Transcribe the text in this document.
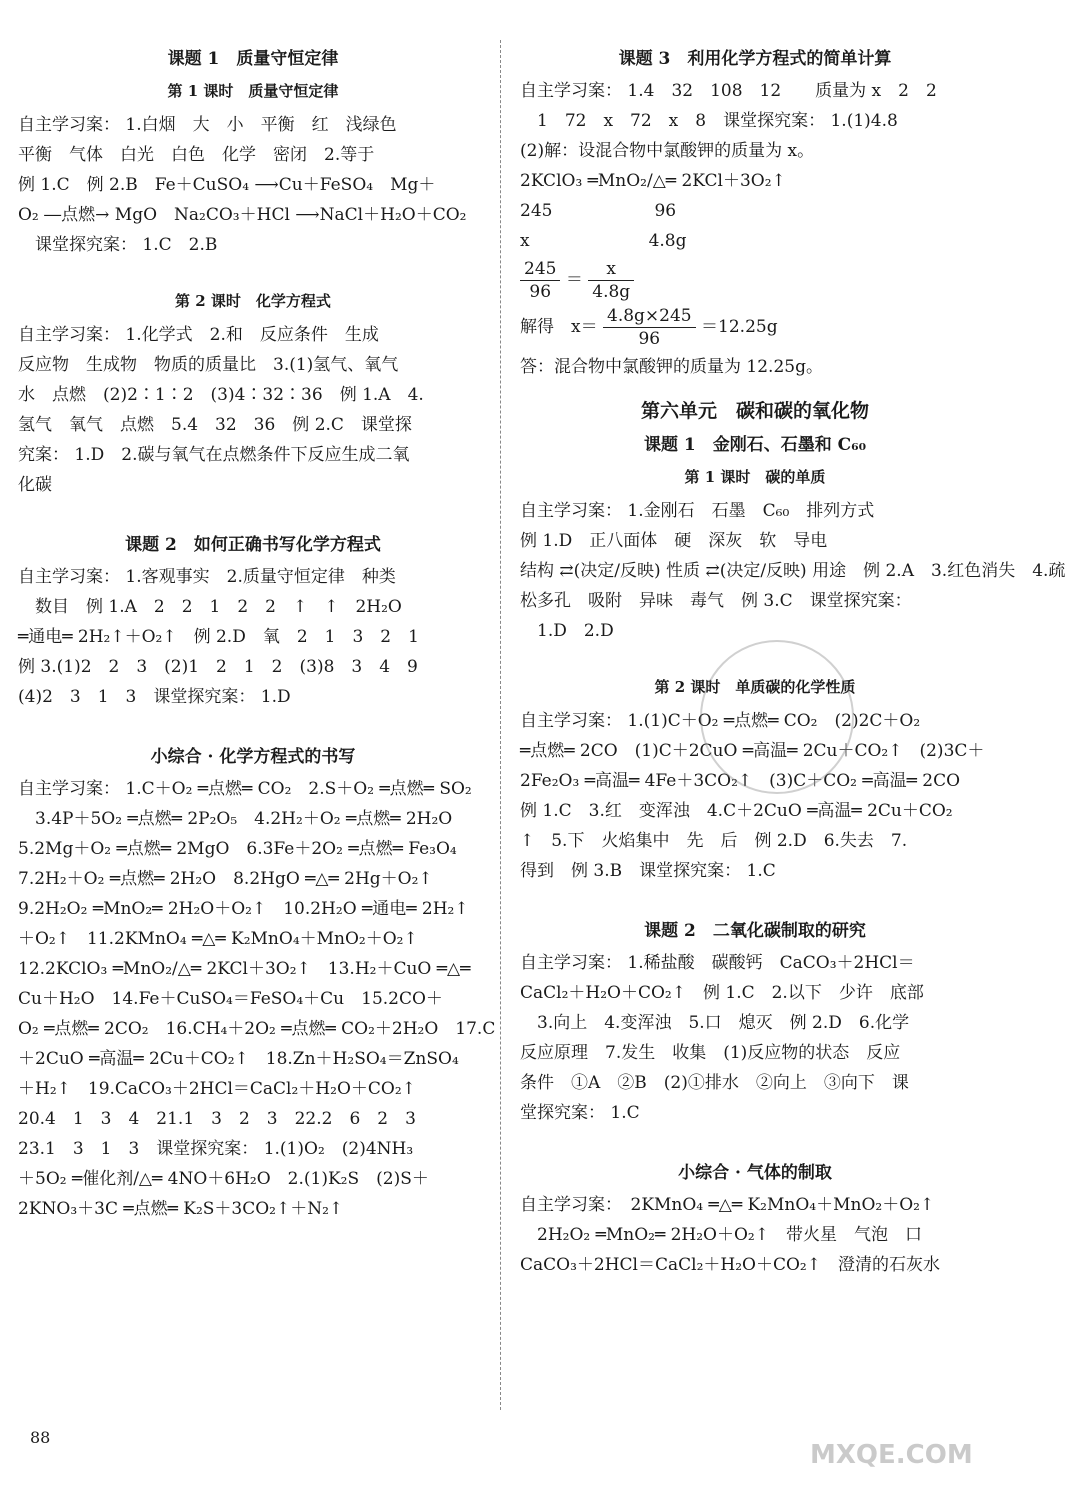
课题 1　质量守恒定律
第 1 课时　质量守恒定律
自主学习案： 1.白烟　大　小　平衡　红　浅绿色
平衡　气体　白光　白色　化学　密闭　2.等于
例 1.C　例 2.B　Fe＋CuSO₄ ⟶Cu＋FeSO₄　Mg＋
O₂ ―点燃→ MgO　Na₂CO₃＋HCl ⟶NaCl＋H₂O＋CO₂
　课堂探究案： 1.C　2.B
第 2 课时　化学方程式
自主学习案： 1.化学式　2.和　反应条件　生成
反应物　生成物　物质的质量比　3.(1)氢气、氧气
水　点燃　(2)2∶1∶2　(3)4∶32∶36　例 1.A　4.
氢气　氧气　点燃　5.4　32　36　例 2.C　课堂探
究案： 1.D　2.碳与氧气在点燃条件下反应生成二氧
化碳
课题 2　如何正确书写化学方程式
自主学习案： 1.客观事实　2.质量守恒定律　种类
　数目　例 1.A　2　2　1　2　2　↑　↑　2H₂O
═通电═ 2H₂↑＋O₂↑　例 2.D　氧　2　1　3　2　1
例 3.(1)2　2　3　(2)1　2　1　2　(3)8　3　4　9
(4)2　3　1　3　课堂探究案： 1.D
小综合 · 化学方程式的书写
自主学习案： 1.C＋O₂ ═点燃═ CO₂　2.S＋O₂ ═点燃═ SO₂
　3.4P＋5O₂ ═点燃═ 2P₂O₅　4.2H₂＋O₂ ═点燃═ 2H₂O
5.2Mg＋O₂ ═点燃═ 2MgO　6.3Fe＋2O₂ ═点燃═ Fe₃O₄
7.2H₂＋O₂ ═点燃═ 2H₂O　8.2HgO ═△═ 2Hg＋O₂↑
9.2H₂O₂ ═MnO₂═ 2H₂O＋O₂↑　10.2H₂O ═通电═ 2H₂↑
＋O₂↑　11.2KMnO₄ ═△═ K₂MnO₄＋MnO₂＋O₂↑
12.2KClO₃ ═MnO₂/△═ 2KCl＋3O₂↑　13.H₂＋CuO ═△═
Cu＋H₂O　14.Fe＋CuSO₄＝FeSO₄＋Cu　15.2CO＋
O₂ ═点燃═ 2CO₂　16.CH₄＋2O₂ ═点燃═ CO₂＋2H₂O　17.C
＋2CuO ═高温═ 2Cu＋CO₂↑　18.Zn＋H₂SO₄＝ZnSO₄
＋H₂↑　19.CaCO₃＋2HCl＝CaCl₂＋H₂O＋CO₂↑
20.4　1　3　4　21.1　3　2　3　22.2　6　2　3
23.1　3　1　3　课堂探究案： 1.(1)O₂　(2)4NH₃
＋5O₂ ═催化剂/△═ 4NO＋6H₂O　2.(1)K₂S　(2)S＋
2KNO₃＋3C ═点燃═ K₂S＋3CO₂↑＋N₂↑
课题 3　利用化学方程式的简单计算
自主学习案： 1.4　32　108　12　　质量为 x　2　2
　1　72　x　72　x　8　课堂探究案： 1.(1)4.8
(2)解：设混合物中氯酸钾的质量为 x。
2KClO₃ ═MnO₂/△═ 2KCl＋3O₂↑
245　　　　　　96
x　　　　　　　4.8g
$\frac{245}{96} = \frac{x}{4.8g}$
解得　$x= \frac{4.8g\times 245}{96} =12.25g$
答：混合物中氯酸钾的质量为 12.25g。
第六单元　碳和碳的氧化物
课题 1　金刚石、石墨和 C₆₀
第 1 课时　碳的单质
自主学习案： 1.金刚石　石墨　C₆₀　排列方式
例 1.D　正八面体　硬　深灰　软　导电
结构 ⇄(决定/反映) 性质 ⇄(决定/反映) 用途　例 2.A　3.红色消失　4.疏
松多孔　吸附　异味　毒气　例 3.C　课堂探究案：
　1.D　2.D
第 2 课时　单质碳的化学性质
自主学习案： 1.(1)C＋O₂ ═点燃═ CO₂　(2)2C＋O₂
═点燃═ 2CO　(1)C＋2CuO ═高温═ 2Cu＋CO₂↑　(2)3C＋
2Fe₂O₃ ═高温═ 4Fe＋3CO₂↑　(3)C＋CO₂ ═高温═ 2CO
例 1.C　3.红　变浑浊　4.C＋2CuO ═高温═ 2Cu＋CO₂
↑　5.下　火焰集中　先　后　例 2.D　6.失去　7.
得到　例 3.B　课堂探究案： 1.C
课题 2　二氧化碳制取的研究
自主学习案： 1.稀盐酸　碳酸钙　CaCO₃＋2HCl＝
CaCl₂＋H₂O＋CO₂↑　例 1.C　2.以下　少许　底部
　3.向上　4.变浑浊　5.口　熄灭　例 2.D　6.化学
反应原理　7.发生　收集　(1)反应物的状态　反应
条件　①A　②B　(2)①排水　②向上　③向下　课
堂探究案： 1.C
小综合 · 气体的制取
自主学习案：　2KMnO₄ ═△═ K₂MnO₄＋MnO₂＋O₂↑
　2H₂O₂ ═MnO₂═ 2H₂O＋O₂↑　带火星　气泡　口
CaCO₃＋2HCl＝CaCl₂＋H₂O＋CO₂↑　澄清的石灰水
88
MXQE.COM
